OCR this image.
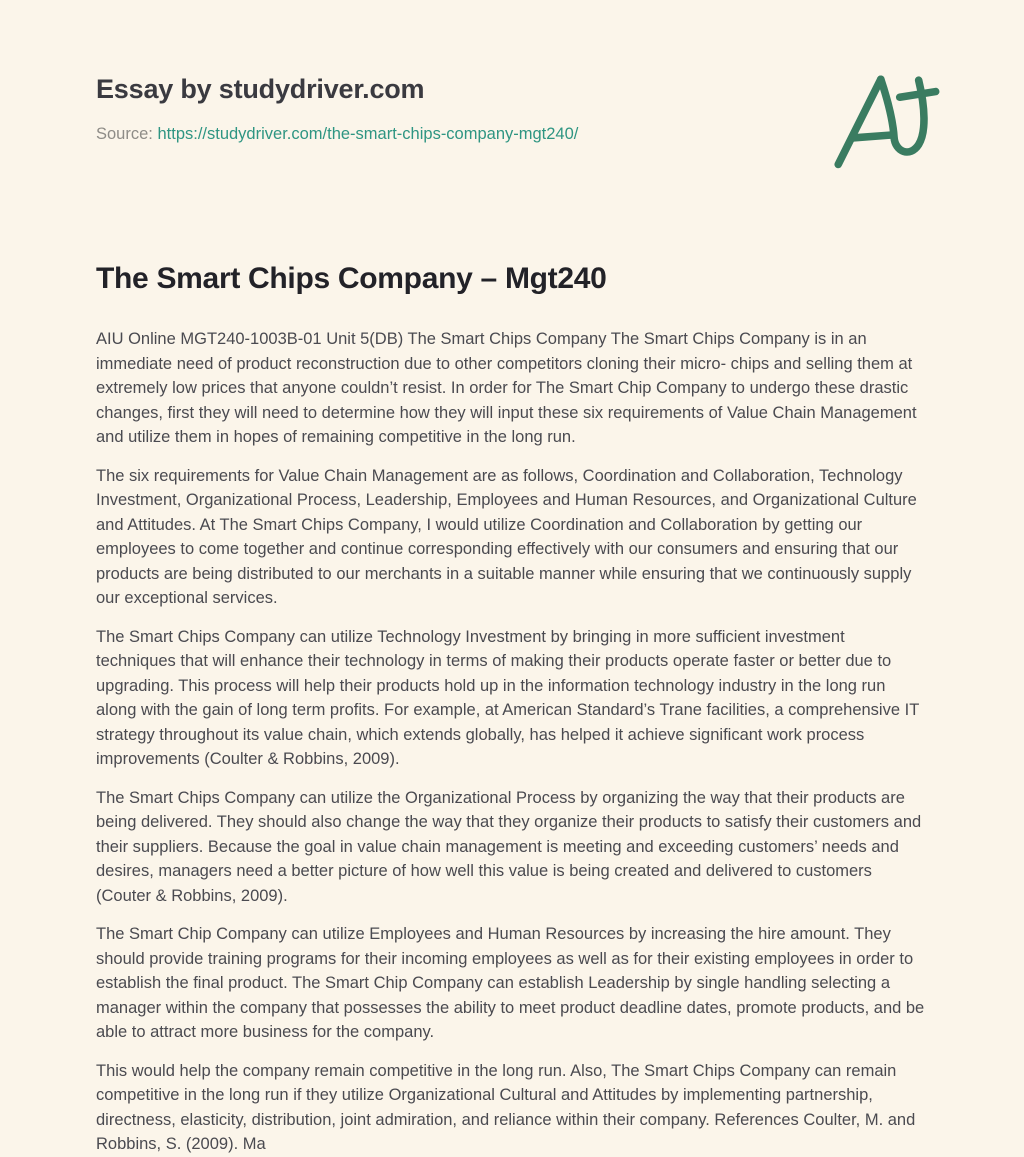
Essay by studydriver.com

Source: https://studydriver.com/the-smart-chips-company-mgt240/

The Smart Chips Company – Mgt240

AIU Online MGT240-1003B-01 Unit 5(DB) The Smart Chips Company The Smart Chips Company is in an immediate need of product reconstruction due to other competitors cloning their micro- chips and selling them at extremely low prices that anyone couldn’t resist. In order for The Smart Chip Company to undergo these drastic changes, first they will need to determine how they will input these six requirements of Value Chain Management and utilize them in hopes of remaining competitive in the long run.

The six requirements for Value Chain Management are as follows, Coordination and Collaboration, Technology Investment, Organizational Process, Leadership, Employees and Human Resources, and Organizational Culture and Attitudes. At The Smart Chips Company, I would utilize Coordination and Collaboration by getting our employees to come together and continue corresponding effectively with our consumers and ensuring that our products are being distributed to our merchants in a suitable manner while ensuring that we continuously supply our exceptional services.

The Smart Chips Company can utilize Technology Investment by bringing in more sufficient investment techniques that will enhance their technology in terms of making their products operate faster or better due to upgrading. This process will help their products hold up in the information technology industry in the long run along with the gain of long term profits. For example, at American Standard’s Trane facilities, a comprehensive IT strategy throughout its value chain, which extends globally, has helped it achieve significant work process improvements (Coulter & Robbins, 2009).

The Smart Chips Company can utilize the Organizational Process by organizing the way that their products are being delivered. They should also change the way that they organize their products to satisfy their customers and their suppliers. Because the goal in value chain management is meeting and exceeding customers’ needs and desires, managers need a better picture of how well this value is being created and delivered to customers (Couter & Robbins, 2009).

The Smart Chip Company can utilize Employees and Human Resources by increasing the hire amount. They should provide training programs for their incoming employees as well as for their existing employees in order to establish the final product. The Smart Chip Company can establish Leadership by single handling selecting a manager within the company that possesses the ability to meet product deadline dates, promote products, and be able to attract more business for the company.

This would help the company remain competitive in the long run. Also, The Smart Chips Company can remain competitive in the long run if they utilize Organizational Cultural and Attitudes by implementing partnership, directness, elasticity, distribution, joint admiration, and reliance within their company. References Coulter, M. and Robbins, S. (2009). Ma
